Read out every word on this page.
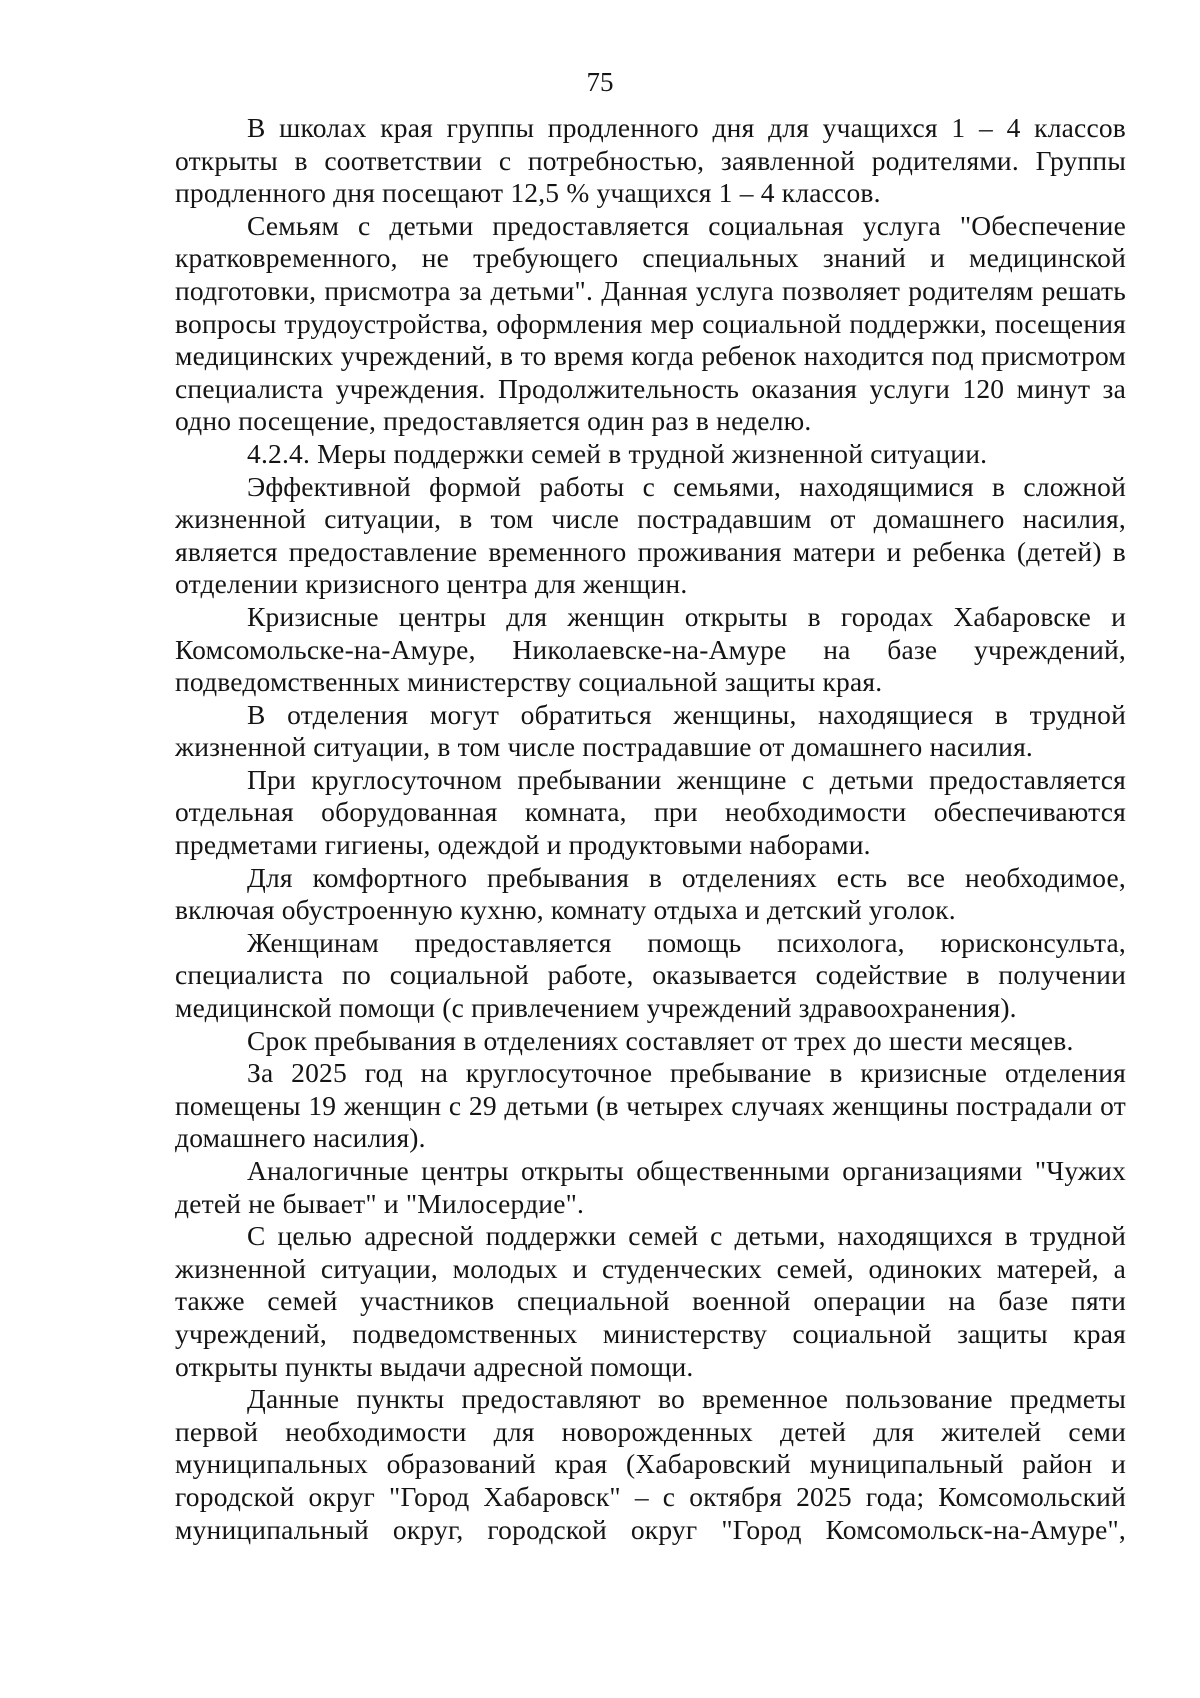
75

В школах края группы продленного дня для учащихся 1 – 4 классов открыты в соответствии с потребностью, заявленной родителями. Группы продленного дня посещают 12,5 % учащихся 1 – 4 классов.

Семьям с детьми предоставляется социальная услуга "Обеспечение кратковременного, не требующего специальных знаний и медицинской подготовки, присмотра за детьми". Данная услуга позволяет родителям решать вопросы трудоустройства, оформления мер социальной поддержки, посещения медицинских учреждений, в то время когда ребенок находится под присмотром специалиста учреждения. Продолжительность оказания услуги 120 минут за одно посещение, предоставляется один раз в неделю.

4.2.4. Меры поддержки семей в трудной жизненной ситуации.

Эффективной формой работы с семьями, находящимися в сложной жизненной ситуации, в том числе пострадавшим от домашнего насилия, является предоставление временного проживания матери и ребенка (детей) в отделении кризисного центра для женщин.

Кризисные центры для женщин открыты в городах Хабаровске и Комсомольске-на-Амуре, Николаевске-на-Амуре на базе учреждений, подведомственных министерству социальной защиты края.

В отделения могут обратиться женщины, находящиеся в трудной жизненной ситуации, в том числе пострадавшие от домашнего насилия.

При круглосуточном пребывании женщине с детьми предоставляется отдельная оборудованная комната, при необходимости обеспечиваются предметами гигиены, одеждой и продуктовыми наборами.

Для комфортного пребывания в отделениях есть все необходимое, включая обустроенную кухню, комнату отдыха и детский уголок.

Женщинам предоставляется помощь психолога, юрисконсульта, специалиста по социальной работе, оказывается содействие в получении медицинской помощи (с привлечением учреждений здравоохранения).

Срок пребывания в отделениях составляет от трех до шести месяцев.

За 2025 год на круглосуточное пребывание в кризисные отделения помещены 19 женщин с 29 детьми (в четырех случаях женщины пострадали от домашнего насилия).

Аналогичные центры открыты общественными организациями "Чужих детей не бывает" и "Милосердие".

С целью адресной поддержки семей с детьми, находящихся в трудной жизненной ситуации, молодых и студенческих семей, одиноких матерей, а также семей участников специальной военной операции на базе пяти учреждений, подведомственных министерству социальной защиты края открыты пункты выдачи адресной помощи.

Данные пункты предоставляют во временное пользование предметы первой необходимости для новорожденных детей для жителей семи муниципальных образований края (Хабаровский муниципальный район и городской округ "Город Хабаровск" – с октября 2025 года; Комсомольский муниципальный округ, городской округ "Город Комсомольск-на-Амуре",
